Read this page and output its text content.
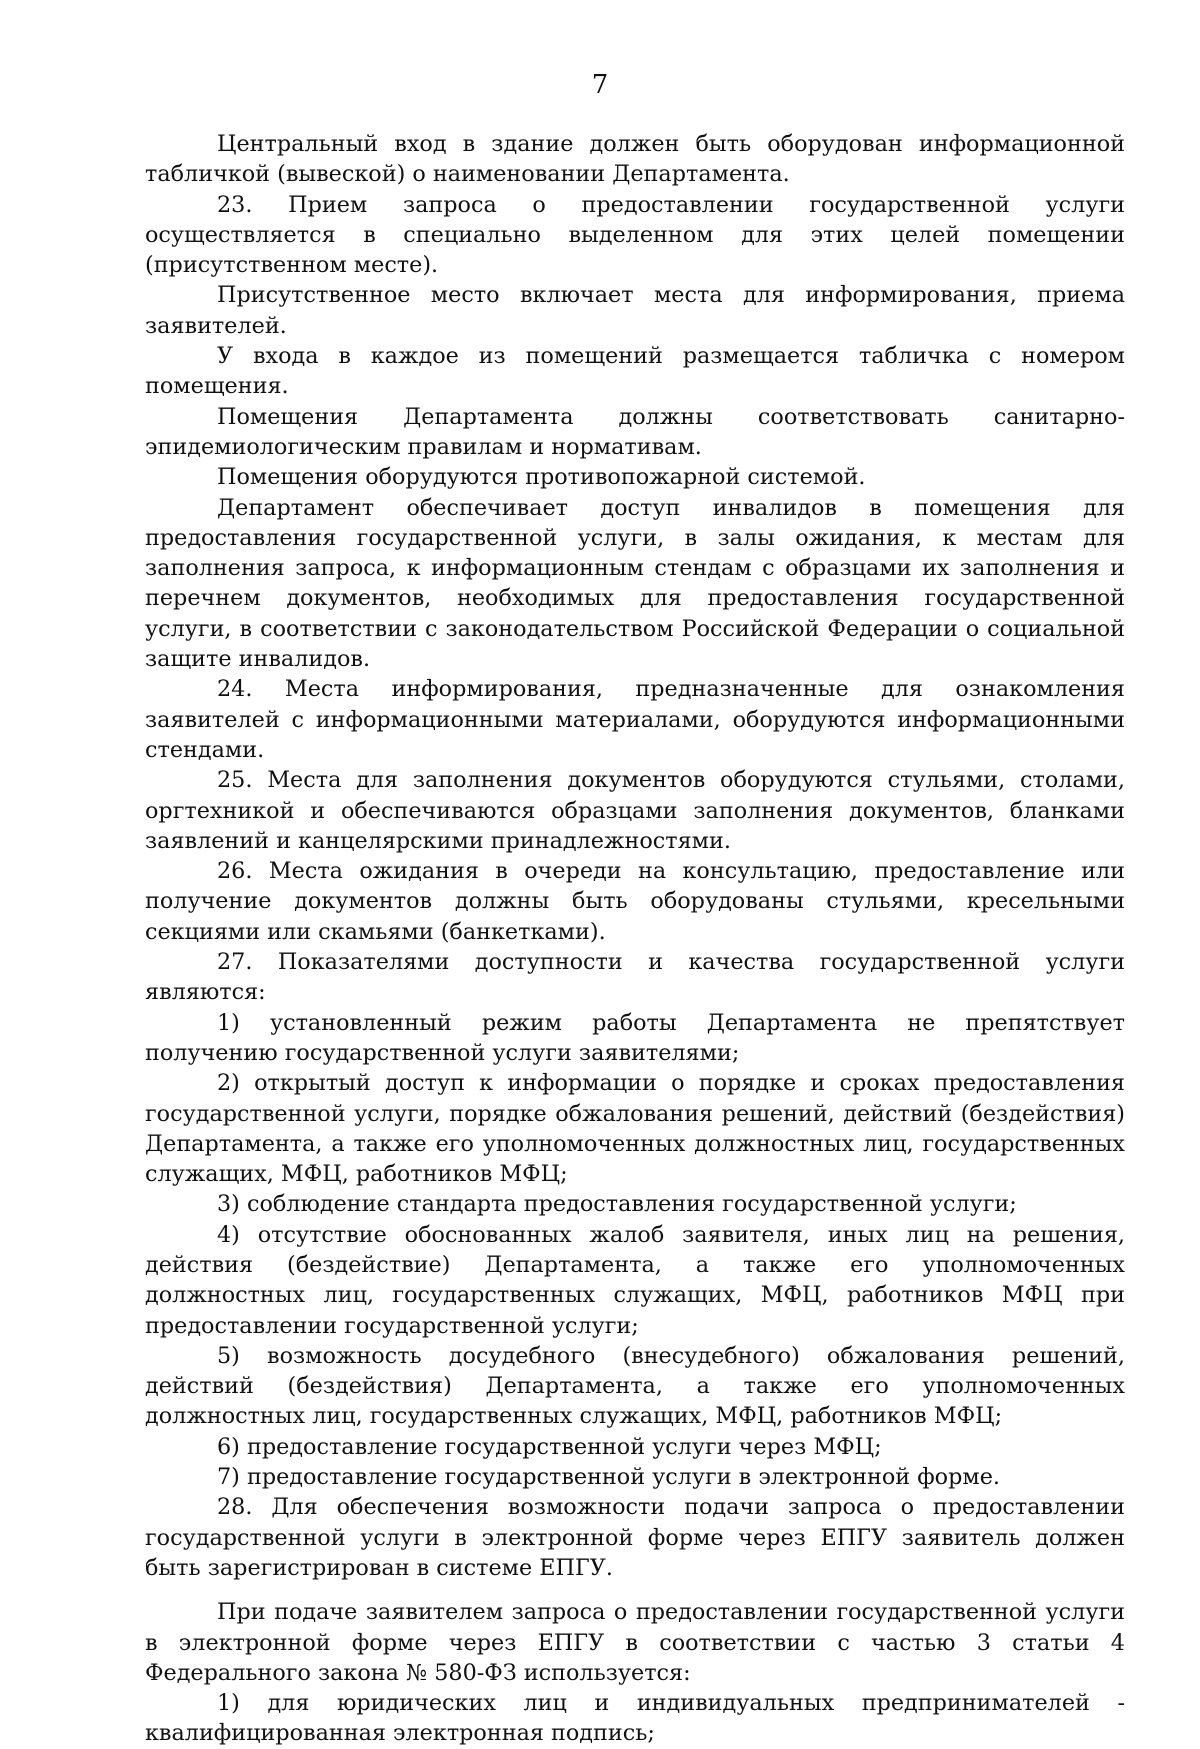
7

Центральный вход в здание должен быть оборудован информационной табличкой (вывеской) о наименовании Департамента.

23. Прием запроса о предоставлении государственной услуги осуществляется в специально выделенном для этих целей помещении (присутственном месте).

Присутственное место включает места для информирования, приема заявителей.

У входа в каждое из помещений размещается табличка с номером помещения.

Помещения Департамента должны соответствовать санитарно-эпидемиологическим правилам и нормативам.

Помещения оборудуются противопожарной системой.

Департамент обеспечивает доступ инвалидов в помещения для предоставления государственной услуги, в залы ожидания, к местам для заполнения запроса, к информационным стендам с образцами их заполнения и перечнем документов, необходимых для предоставления государственной услуги, в соответствии с законодательством Российской Федерации о социальной защите инвалидов.

24. Места информирования, предназначенные для ознакомления заявителей с информационными материалами, оборудуются информационными стендами.

25. Места для заполнения документов оборудуются стульями, столами, оргтехникой и обеспечиваются образцами заполнения документов, бланками заявлений и канцелярскими принадлежностями.

26. Места ожидания в очереди на консультацию, предоставление или получение документов должны быть оборудованы стульями, кресельными секциями или скамьями (банкетками).

27. Показателями доступности и качества государственной услуги являются:

1) установленный режим работы Департамента не препятствует получению государственной услуги заявителями;

2) открытый доступ к информации о порядке и сроках предоставления государственной услуги, порядке обжалования решений, действий (бездействия) Департамента, а также его уполномоченных должностных лиц, государственных служащих, МФЦ, работников МФЦ;

3) соблюдение стандарта предоставления государственной услуги;

4) отсутствие обоснованных жалоб заявителя, иных лиц на решения, действия (бездействие) Департамента, а также его уполномоченных должностных лиц, государственных служащих, МФЦ, работников МФЦ при предоставлении государственной услуги;

5) возможность досудебного (внесудебного) обжалования решений, действий (бездействия) Департамента, а также его уполномоченных должностных лиц, государственных служащих, МФЦ, работников МФЦ;

6) предоставление государственной услуги через МФЦ;

7) предоставление государственной услуги в электронной форме.

28. Для обеспечения возможности подачи запроса о предоставлении государственной услуги в электронной форме через ЕПГУ заявитель должен быть зарегистрирован в системе ЕПГУ.

При подаче заявителем запроса о предоставлении государственной услуги в электронной форме через ЕПГУ в соответствии с частью 3 статьи 4 Федерального закона № 580-ФЗ используется:

1) для юридических лиц и индивидуальных предпринимателей - квалифицированная электронная подпись;
